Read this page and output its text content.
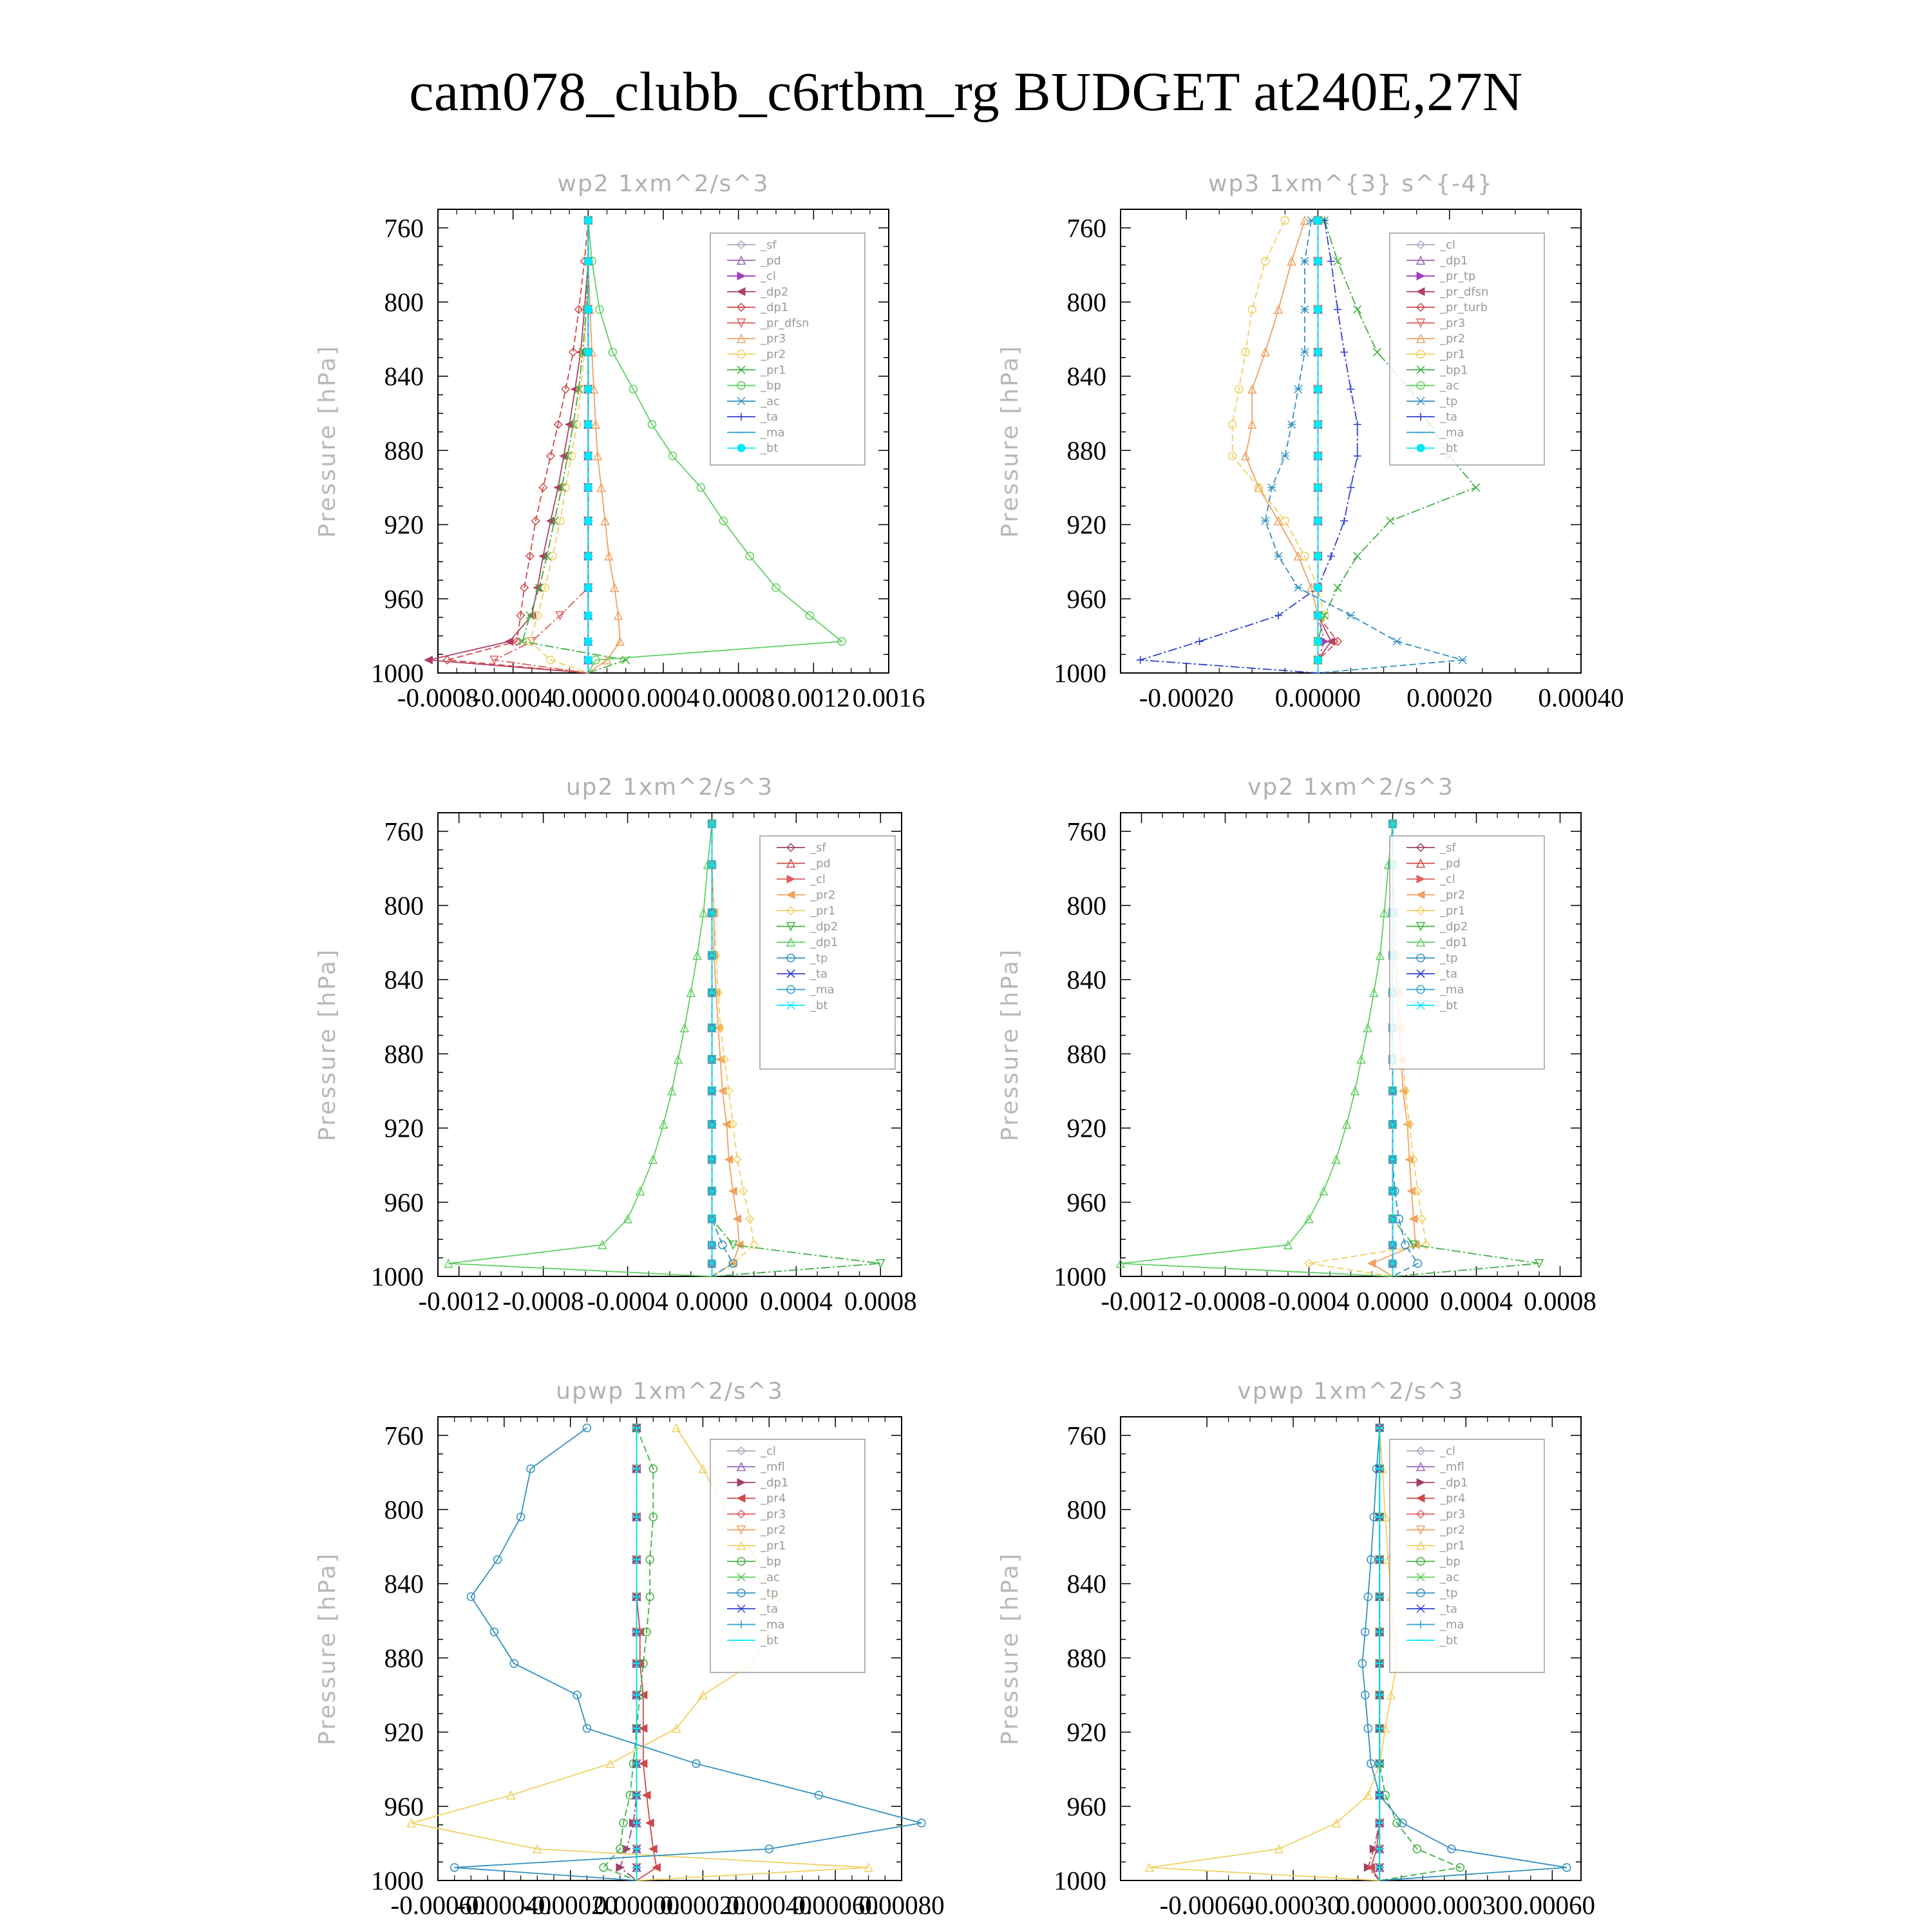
cam078_clubb_c6rtbm_rg BUDGET at240E,27N
wp2 1xm^2/s^3
Pressure [hPa]
760
800
840
880
920
960
1000
-0.0008
-0.0004
0.0000 0.0004 0.0008 0.0012 0.0016
_sf
_pd
_cl
_dp2
_dp1
_pr_dfsn
_pr3
_pr2
_pr1
_bp
_ac
_ta
_ma
_bt
wp3 1xm^{3} s^{-4}
Pressure [hPa]
760
800
840
880
920
960
1000
-0.00020 0.00000 0.00020 0.00040
_cl
_dp1
_pr_tp
_pr_dfsn
_pr_turb
_pr3
_pr2
_pr1
_bp1
_ac
_tp
_ta
_ma
_bt
up2 1xm^2/s^3
Pressure [hPa]
760
800
840
880
920
960
1000
-0.0012 -0.0008 -0.0004 0.0000 0.0004 0.0008
_sf
_pd
_cl
_pr2
_pr1
_dp2
_dp1
_tp
_ta
_ma
_bt
vp2 1xm^2/s^3
Pressure [hPa]
760
800
840
880
920
960
1000
-0.0012 -0.0008 -0.0004 0.0000 0.0004 0.0008
_sf
_pd
_cl
_pr2
_pr1
_dp2
_dp1
_tp
_ta
_ma
_bt
upwp 1xm^2/s^3
Pressure [hPa]
760
800
840
880
920
960
1000
-0.00060
-0.00040
-0.00020
0.00000
0.00020
0.00040
0.00060
0.00080
_cl
_mfl
_dp1
_pr4
_pr3
_pr2
_pr1
_bp
_ac
_tp
_ta
_ma
_bt
vpwp 1xm^2/s^3
Pressure [hPa]
760
800
840
880
920
960
1000
-0.00060
-0.00030
0.00000 0.00030 0.00060
_cl
_mfl
_dp1
_pr4
_pr3
_pr2
_pr1
_bp
_ac
_tp
_ta
_ma
_bt
